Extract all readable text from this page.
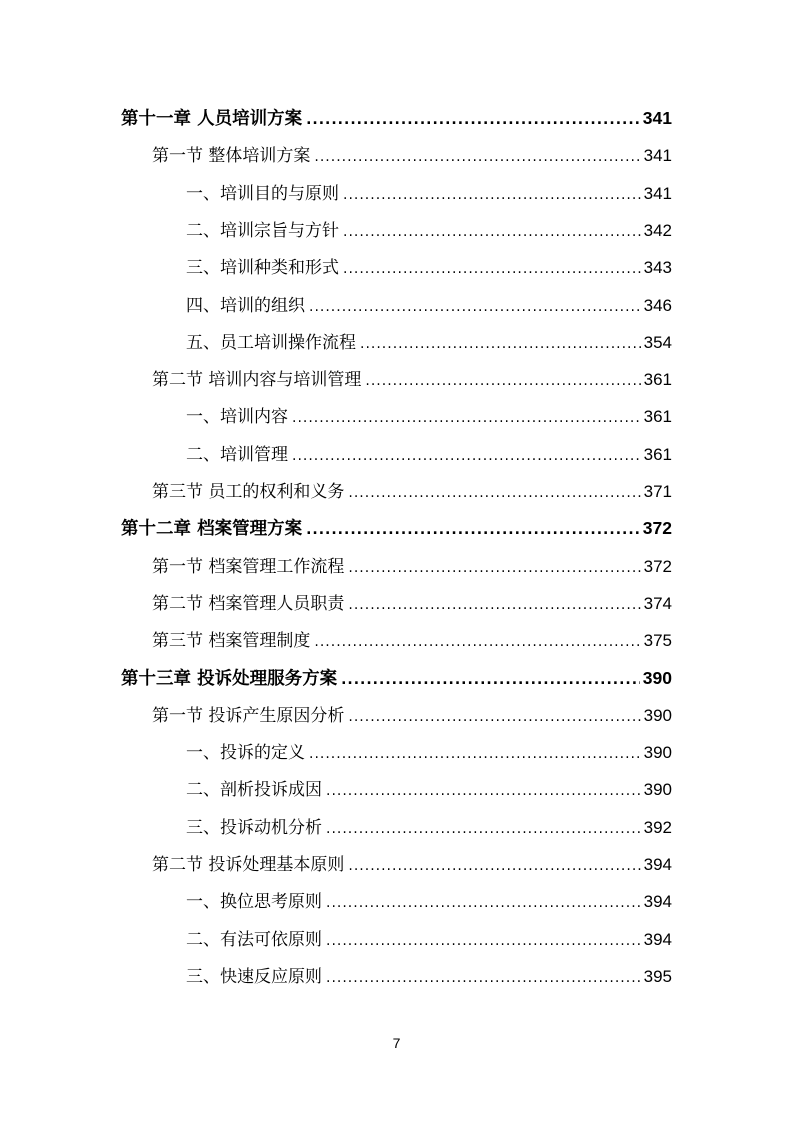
第十一章 人员培训方案 .....	341
第一节 整体培训方案 .....	341
一、培训目的与原则 .....	341
二、培训宗旨与方针 .....	342
三、培训种类和形式 .....	343
四、培训的组织 .....	346
五、员工培训操作流程 .....	354
第二节 培训内容与培训管理 .....	361
一、培训内容 .....	361
二、培训管理 .....	361
第三节 员工的权利和义务 .....	371
第十二章 档案管理方案 .....	372
第一节 档案管理工作流程 .....	372
第二节 档案管理人员职责 .....	374
第三节 档案管理制度 .....	375
第十三章 投诉处理服务方案 .....	390
第一节 投诉产生原因分析 .....	390
一、投诉的定义 .....	390
二、剖析投诉成因 .....	390
三、投诉动机分析 .....	392
第二节 投诉处理基本原则 .....	394
一、换位思考原则 .....	394
二、有法可依原则 .....	394
三、快速反应原则 .....	395
7
